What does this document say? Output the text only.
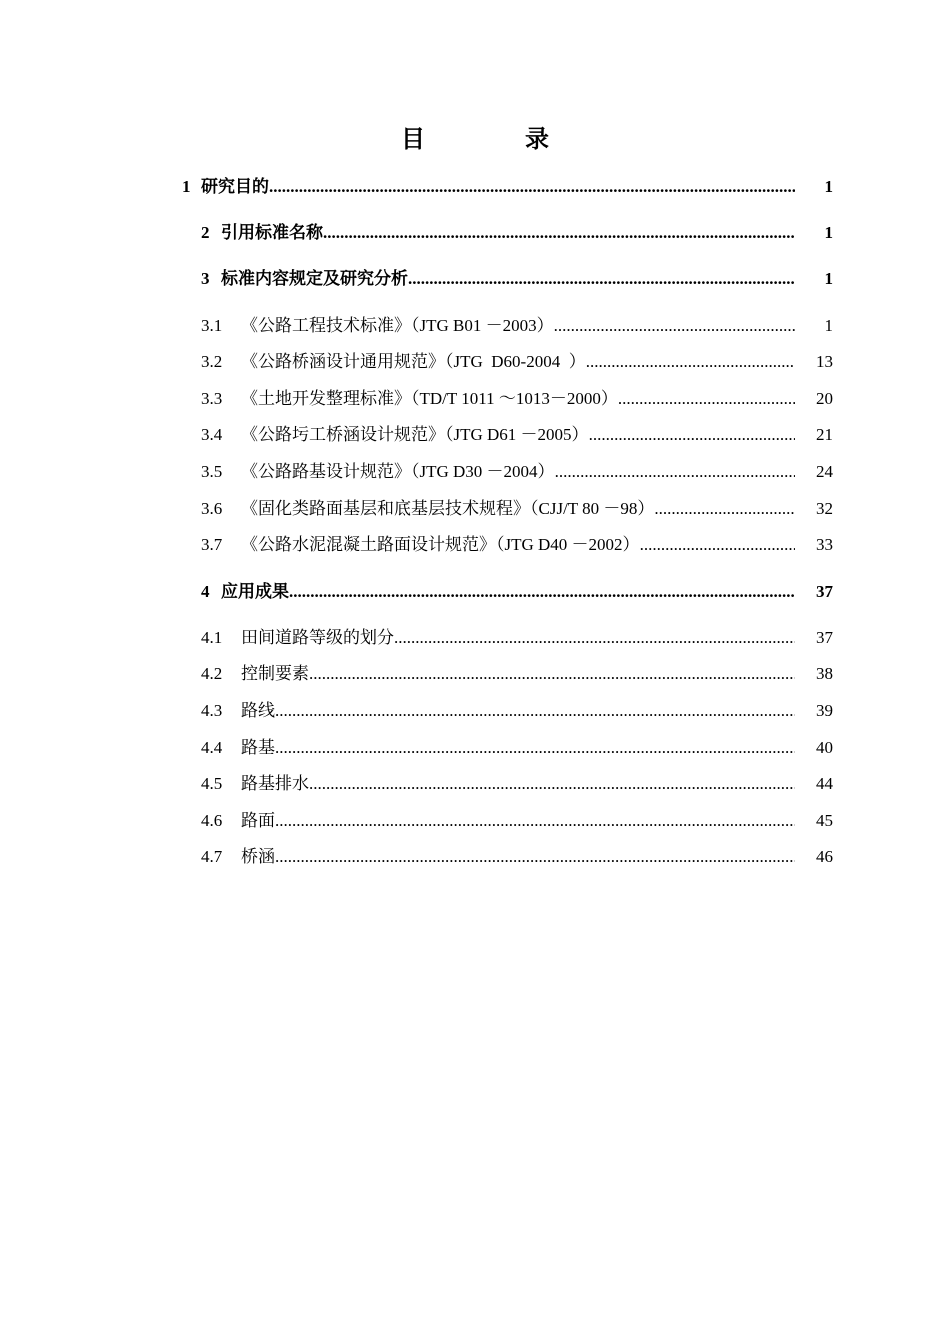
目	录
1 研究目的 .....	1
2 引用标准名称 .....	1
3 标准内容规定及研究分析 .....	1
3.1 《公路工程技术标准》（JTG B01 －2003） .....	1
3.2 《公路桥涵设计通用规范》（JTG  D60-2004  ） .....	13
3.3 《土地开发整理标准》（TD/T 1011 ～1013－2000） .....	20
3.4 《公路圬工桥涵设计规范》（JTG D61 －2005） .....	21
3.5 《公路路基设计规范》（JTG D30 －2004） .....	24
3.6 《固化类路面基层和底基层技术规程》（CJJ/T 80 －98） .....	32
3.7 《公路水泥混凝土路面设计规范》（JTG D40 －2002） .....	33
4 应用成果 .....	37
4.1 田间道路等级的划分 .....	37
4.2 控制要素 .....	38
4.3 路线 .....	39
4.4 路基 .....	40
4.5 路基排水 .....	44
4.6 路面 .....	45
4.7 桥涵 .....	46
